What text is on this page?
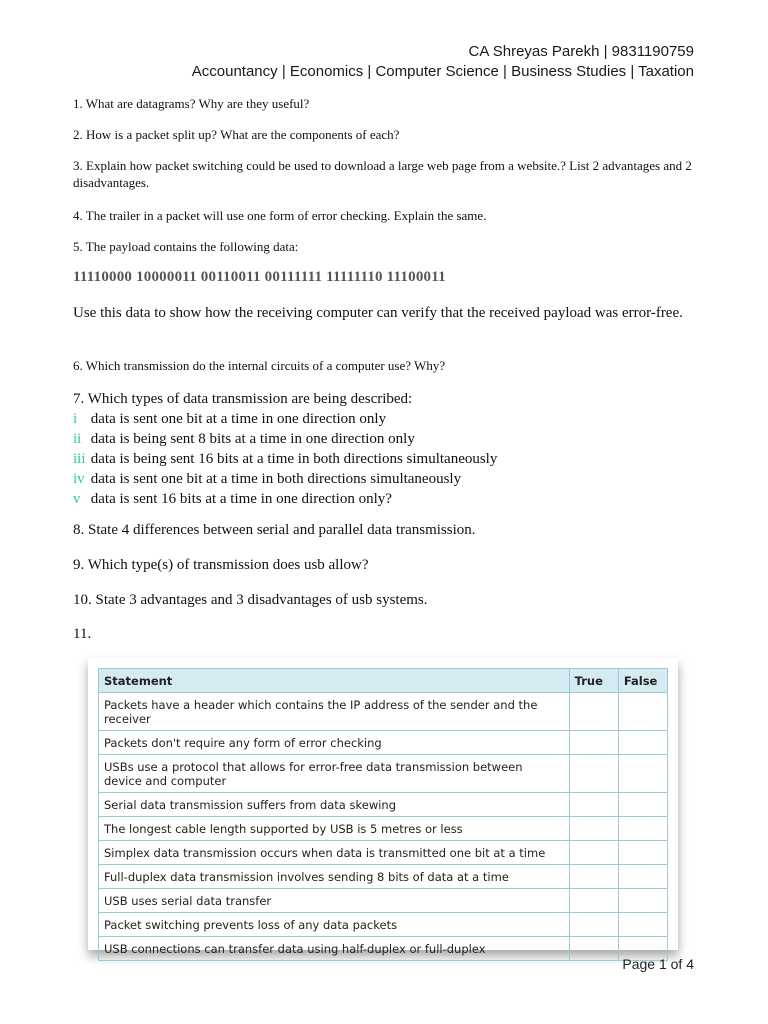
CA Shreyas Parekh | 9831190759
Accountancy | Economics | Computer Science | Business Studies | Taxation
1. What are datagrams? Why are they useful?
2. How is a packet split up? What are the components of each?
3. Explain how packet switching could be used to download a large web page from a website.? List 2 advantages and 2 disadvantages.
4. The trailer in a packet will use one form of error checking. Explain the same.
5. The payload contains the following data:
11110000 10000011 00110011 00111111 11111110 11100011
Use this data to show how the receiving computer can verify that the received payload was error-free.
6. Which transmission do the internal circuits of a computer use? Why?
7. Which types of data transmission are being described:
i data is sent one bit at a time in one direction only
ii data is being sent 8 bits at a time in one direction only
iii data is being sent 16 bits at a time in both directions simultaneously
iv data is sent one bit at a time in both directions simultaneously
v data is sent 16 bits at a time in one direction only?
8. State 4 differences between serial and parallel data transmission.
9. Which type(s) of transmission does usb allow?
10. State 3 advantages and 3 disadvantages of usb systems.
11.
Statement	True	False
Packets have a header which contains the IP address of the sender and the receiver		
Packets don't require any form of error checking		
USBs use a protocol that allows for error-free data transmission between device and computer		
Serial data transmission suffers from data skewing		
The longest cable length supported by USB is 5 metres or less		
Simplex data transmission occurs when data is transmitted one bit at a time		
Full-duplex data transmission involves sending 8 bits of data at a time		
USB uses serial data transfer		
Packet switching prevents loss of any data packets		
USB connections can transfer data using half-duplex or full-duplex		
Page 1 of 4
